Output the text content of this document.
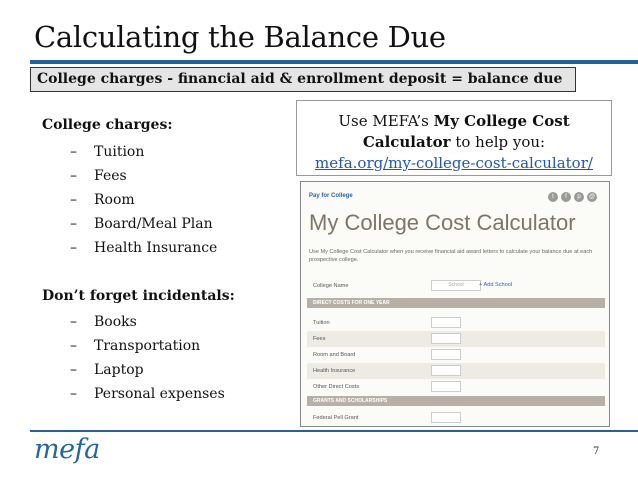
Calculating the Balance Due
College charges - financial aid & enrollment deposit = balance due
College charges:
– Tuition
– Fees
– Room
– Board/Meal Plan
– Health Insurance
Don’t forget incidentals:
– Books
– Transportation
– Laptop
– Personal expenses
Use MEFA’s My College Cost Calculator to help you:
mefa.org/my-college-cost-calculator/
Pay for College	t	f	p	@
My College Cost Calculator
Use My College Cost Calculator when you receive financial aid award letters to calculate your balance due at each prospective college.
College Name	School	+ Add School
DIRECT COSTS FOR ONE YEAR
Tuition
Fees
Room and Board
Health Insurance
Other Direct Costs
GRANTS AND SCHOLARSHIPS
Federal Pell Grant
mefa	7
